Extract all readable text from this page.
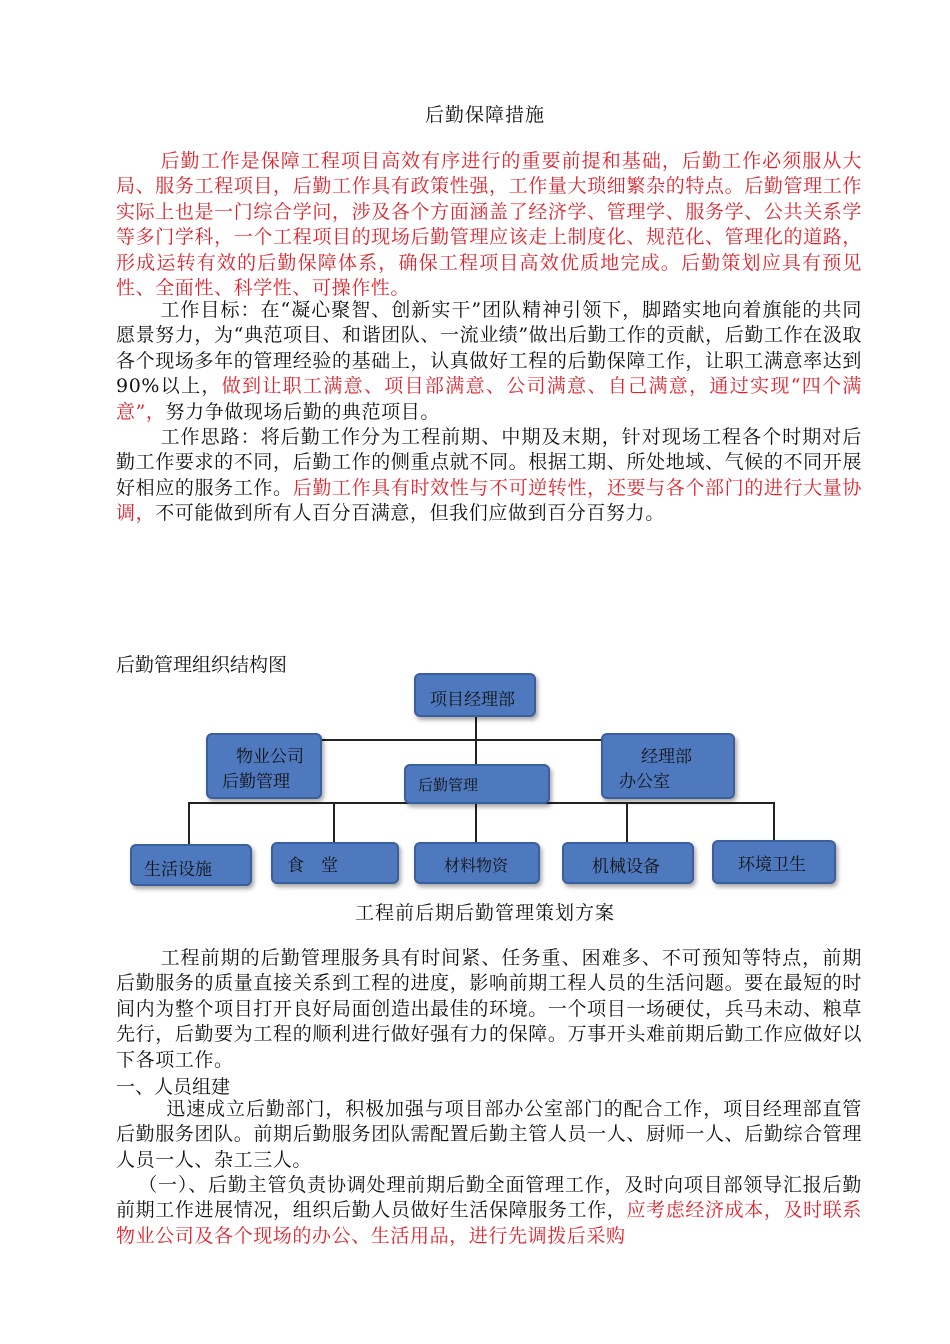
后勤保障措施

后勤工作是保障工程项目高效有序进行的重要前提和基础，后勤工作必须服从大局、服务工程项目，后勤工作具有政策性强，工作量大琐细繁杂的特点。后勤管理工作实际上也是一门综合学问，涉及各个方面涵盖了经济学、管理学、服务学、公共关系学等多门学科，一个工程项目的现场后勤管理应该走上制度化、规范化、管理化的道路，形成运转有效的后勤保障体系，确保工程项目高效优质地完成。后勤策划应具有预见性、全面性、科学性、可操作性。

工作目标：在“凝心聚智、创新实干”团队精神引领下，脚踏实地向着旗能的共同愿景努力，为“典范项目、和谐团队、一流业绩”做出后勤工作的贡献，后勤工作在汲取各个现场多年的管理经验的基础上，认真做好工程的后勤保障工作，让职工满意率达到 90%以上，做到让职工满意、项目部满意、公司满意、自己满意，通过实现“四个满意”，努力争做现场后勤的典范项目。

工作思路：将后勤工作分为工程前期、中期及末期，针对现场工程各个时期对后勤工作要求的不同，后勤工作的侧重点就不同。根据工期、所处地域、气候的不同开展好相应的服务工作。后勤工作具有时效性与不可逆转性，还要与各个部门的进行大量协调，不可能做到所有人百分百满意，但我们应做到百分百努力。

后勤管理组织结构图
项目经理部
物业公司
后勤管理
经理部
办公室
后勤管理
生活设施	食　堂	材料物资	机械设备	环境卫生
工程前后期后勤管理策划方案

工程前期的后勤管理服务具有时间紧、任务重、困难多、不可预知等特点，前期后勤服务的质量直接关系到工程的进度，影响前期工程人员的生活问题。要在最短的时间内为整个项目打开良好局面创造出最佳的环境。一个项目一场硬仗，兵马未动、粮草先行，后勤要为工程的顺利进行做好强有力的保障。万事开头难前期后勤工作应做好以下各项工作。

一、人员组建

迅速成立后勤部门，积极加强与项目部办公室部门的配合工作，项目经理部直管后勤服务团队。前期后勤服务团队需配置后勤主管人员一人、厨师一人、后勤综合管理人员一人、杂工三人。

（一）、后勤主管负责协调处理前期后勤全面管理工作，及时向项目部领导汇报后勤前期工作进展情况，组织后勤人员做好生活保障服务工作，应考虑经济成本，及时联系物业公司及各个现场的办公、生活用品，进行先调拨后采购
